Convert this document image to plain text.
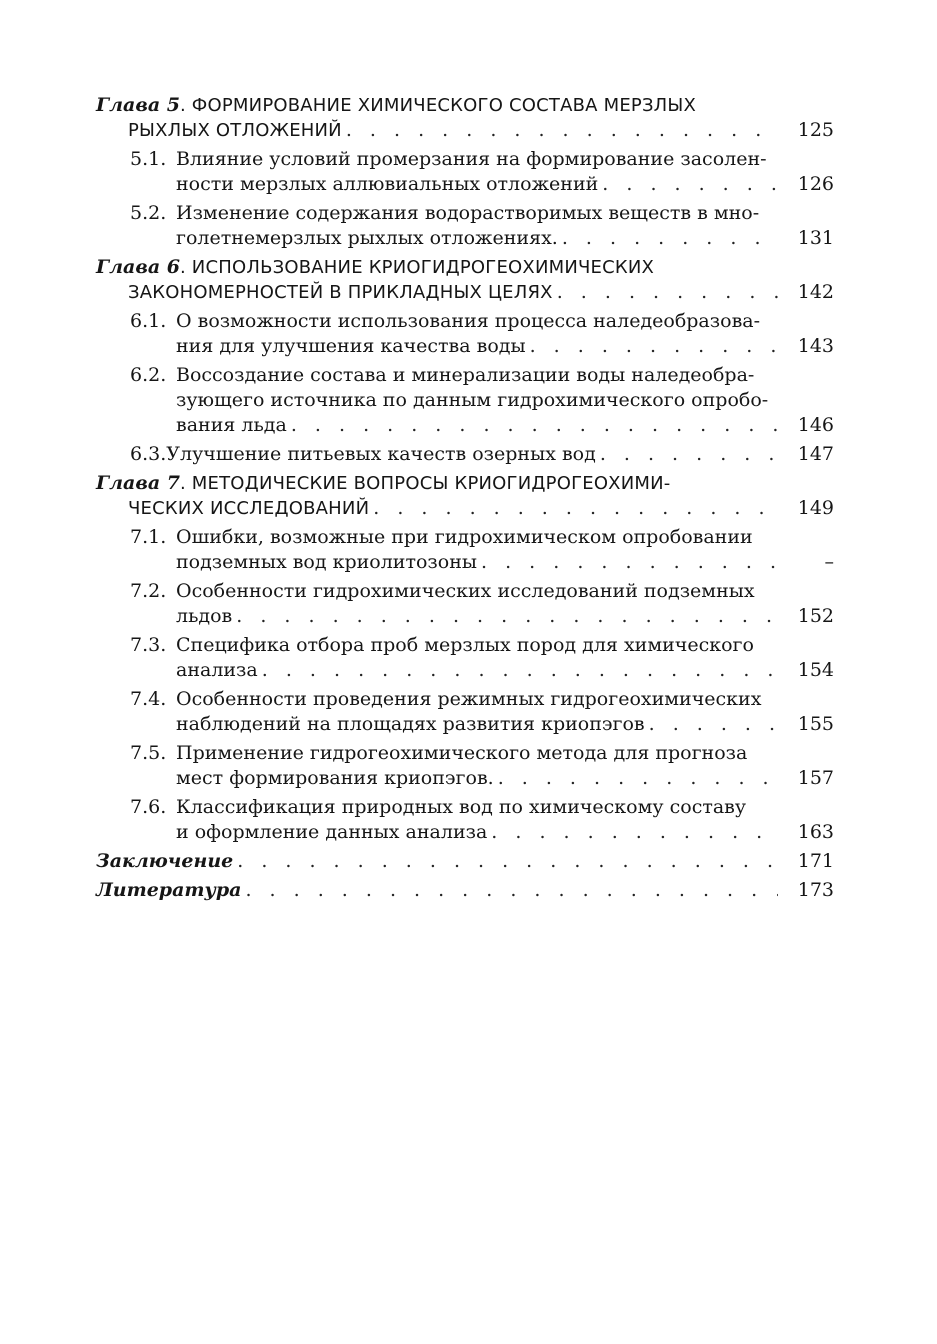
Глава 5 . ФОРМИРОВАНИЕ ХИМИЧЕСКОГО СОСТАВА МЕРЗЛЫХ
РЫХЛЫХ ОТЛОЖЕНИЙ . . .	125
5.1. Влияние условий промерзания на формирование засолен-
ности мерзлых аллювиальных отложений . . .	126
5.2. Изменение содержания водорастворимых веществ в мно-
голетнемерзлых рыхлых отложениях. . . .	131
Глава 6 . ИСПОЛЬЗОВАНИЕ КРИОГИДРОГЕОХИМИЧЕСКИХ
ЗАКОНОМЕРНОСТЕЙ В ПРИКЛАДНЫХ ЦЕЛЯХ . . .	142
6.1. О возможности использования процесса наледеобразова-
ния для улучшения качества воды . . .	143
6.2. Воссоздание состава и минерализации воды наледеобра-
зующего источника по данным гидрохимического опробо-
вания льда . . .	146
6.3. Улучшение питьевых качеств озерных вод . . .	147
Глава 7 . МЕТОДИЧЕСКИЕ ВОПРОСЫ КРИОГИДРОГЕОХИМИ-
ЧЕСКИХ ИССЛЕДОВАНИЙ . . .	149
7.1. Ошибки, возможные при гидрохимическом опробовании
подземных вод криолитозоны . . .	–
7.2. Особенности гидрохимических исследований подземных
льдов . . .	152
7.3. Специфика отбора проб мерзлых пород для химического
анализа . . .	154
7.4. Особенности проведения режимных гидрогеохимических
наблюдений на площадях развития криопэгов . . .	155
7.5. Применение гидрогеохимического метода для прогноза
мест формирования криопэгов. . . .	157
7.6. Классификация природных вод по химическому составу
и оформление данных анализа . . .	163
Заключение . . .	171
Литература . . .	173
